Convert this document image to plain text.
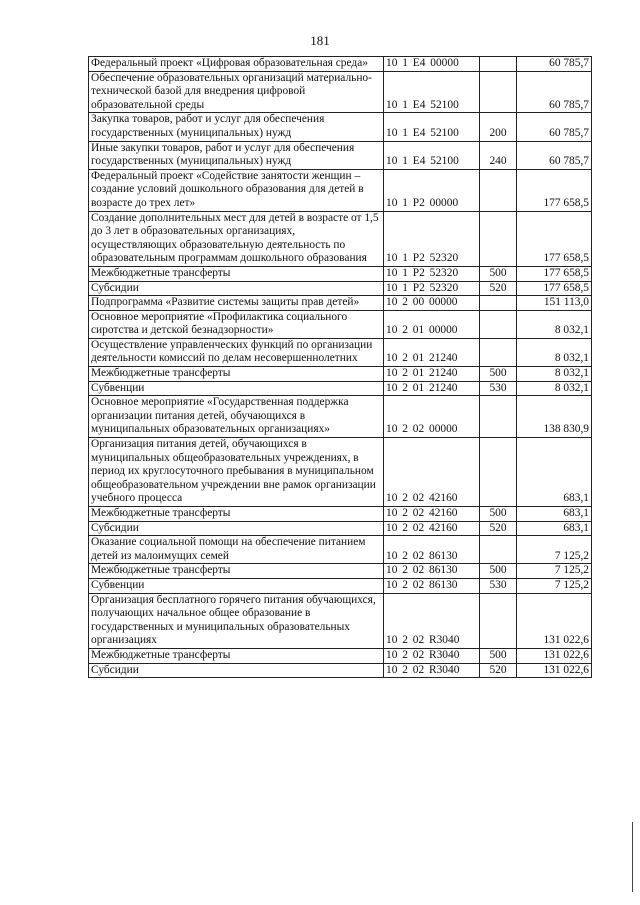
181
Федеральный проект «Цифровая образовательная среда»	10 1 E4 00000		60 785,7
Обеспечение образовательных организаций материально-технической базой для внедрения цифровой образовательной среды	10 1 E4 52100		60 785,7
Закупка товаров, работ и услуг для обеспечения государственных (муниципальных) нужд	10 1 E4 52100	200	60 785,7
Иные закупки товаров, работ и услуг для обеспечения государственных (муниципальных) нужд	10 1 E4 52100	240	60 785,7
Федеральный проект «Содействие занятости женщин – создание условий дошкольного образования для детей в возрасте до трех лет»	10 1 P2 00000		177 658,5
Создание дополнительных мест для детей в возрасте от 1,5 до 3 лет в образовательных организациях, осуществляющих образовательную деятельность по образовательным программам дошкольного образования	10 1 P2 52320		177 658,5
Межбюджетные трансферты	10 1 P2 52320	500	177 658,5
Субсидии	10 1 P2 52320	520	177 658,5
Подпрограмма «Развитие системы защиты прав детей»	10 2 00 00000		151 113,0
Основное мероприятие «Профилактика социального сиротства и детской безнадзорности»	10 2 01 00000		8 032,1
Осуществление управленческих функций по организации деятельности комиссий по делам несовершеннолетних	10 2 01 21240		8 032,1
Межбюджетные трансферты	10 2 01 21240	500	8 032,1
Субвенции	10 2 01 21240	530	8 032,1
Основное мероприятие «Государственная поддержка организации питания детей, обучающихся в муниципальных образовательных организациях»	10 2 02 00000		138 830,9
Организация питания детей, обучающихся в муниципальных общеобразовательных учреждениях, в период их круглосуточного пребывания в муниципальном общеобразовательном учреждении вне рамок организации учебного процесса	10 2 02 42160		683,1
Межбюджетные трансферты	10 2 02 42160	500	683,1
Субсидии	10 2 02 42160	520	683,1
Оказание социальной помощи на обеспечение питанием детей из малоимущих семей	10 2 02 86130		7 125,2
Межбюджетные трансферты	10 2 02 86130	500	7 125,2
Субвенции	10 2 02 86130	530	7 125,2
Организация бесплатного горячего питания обучающихся, получающих начальное общее образование в государственных и муниципальных образовательных организациях	10 2 02 R3040		131 022,6
Межбюджетные трансферты	10 2 02 R3040	500	131 022,6
Субсидии	10 2 02 R3040	520	131 022,6
